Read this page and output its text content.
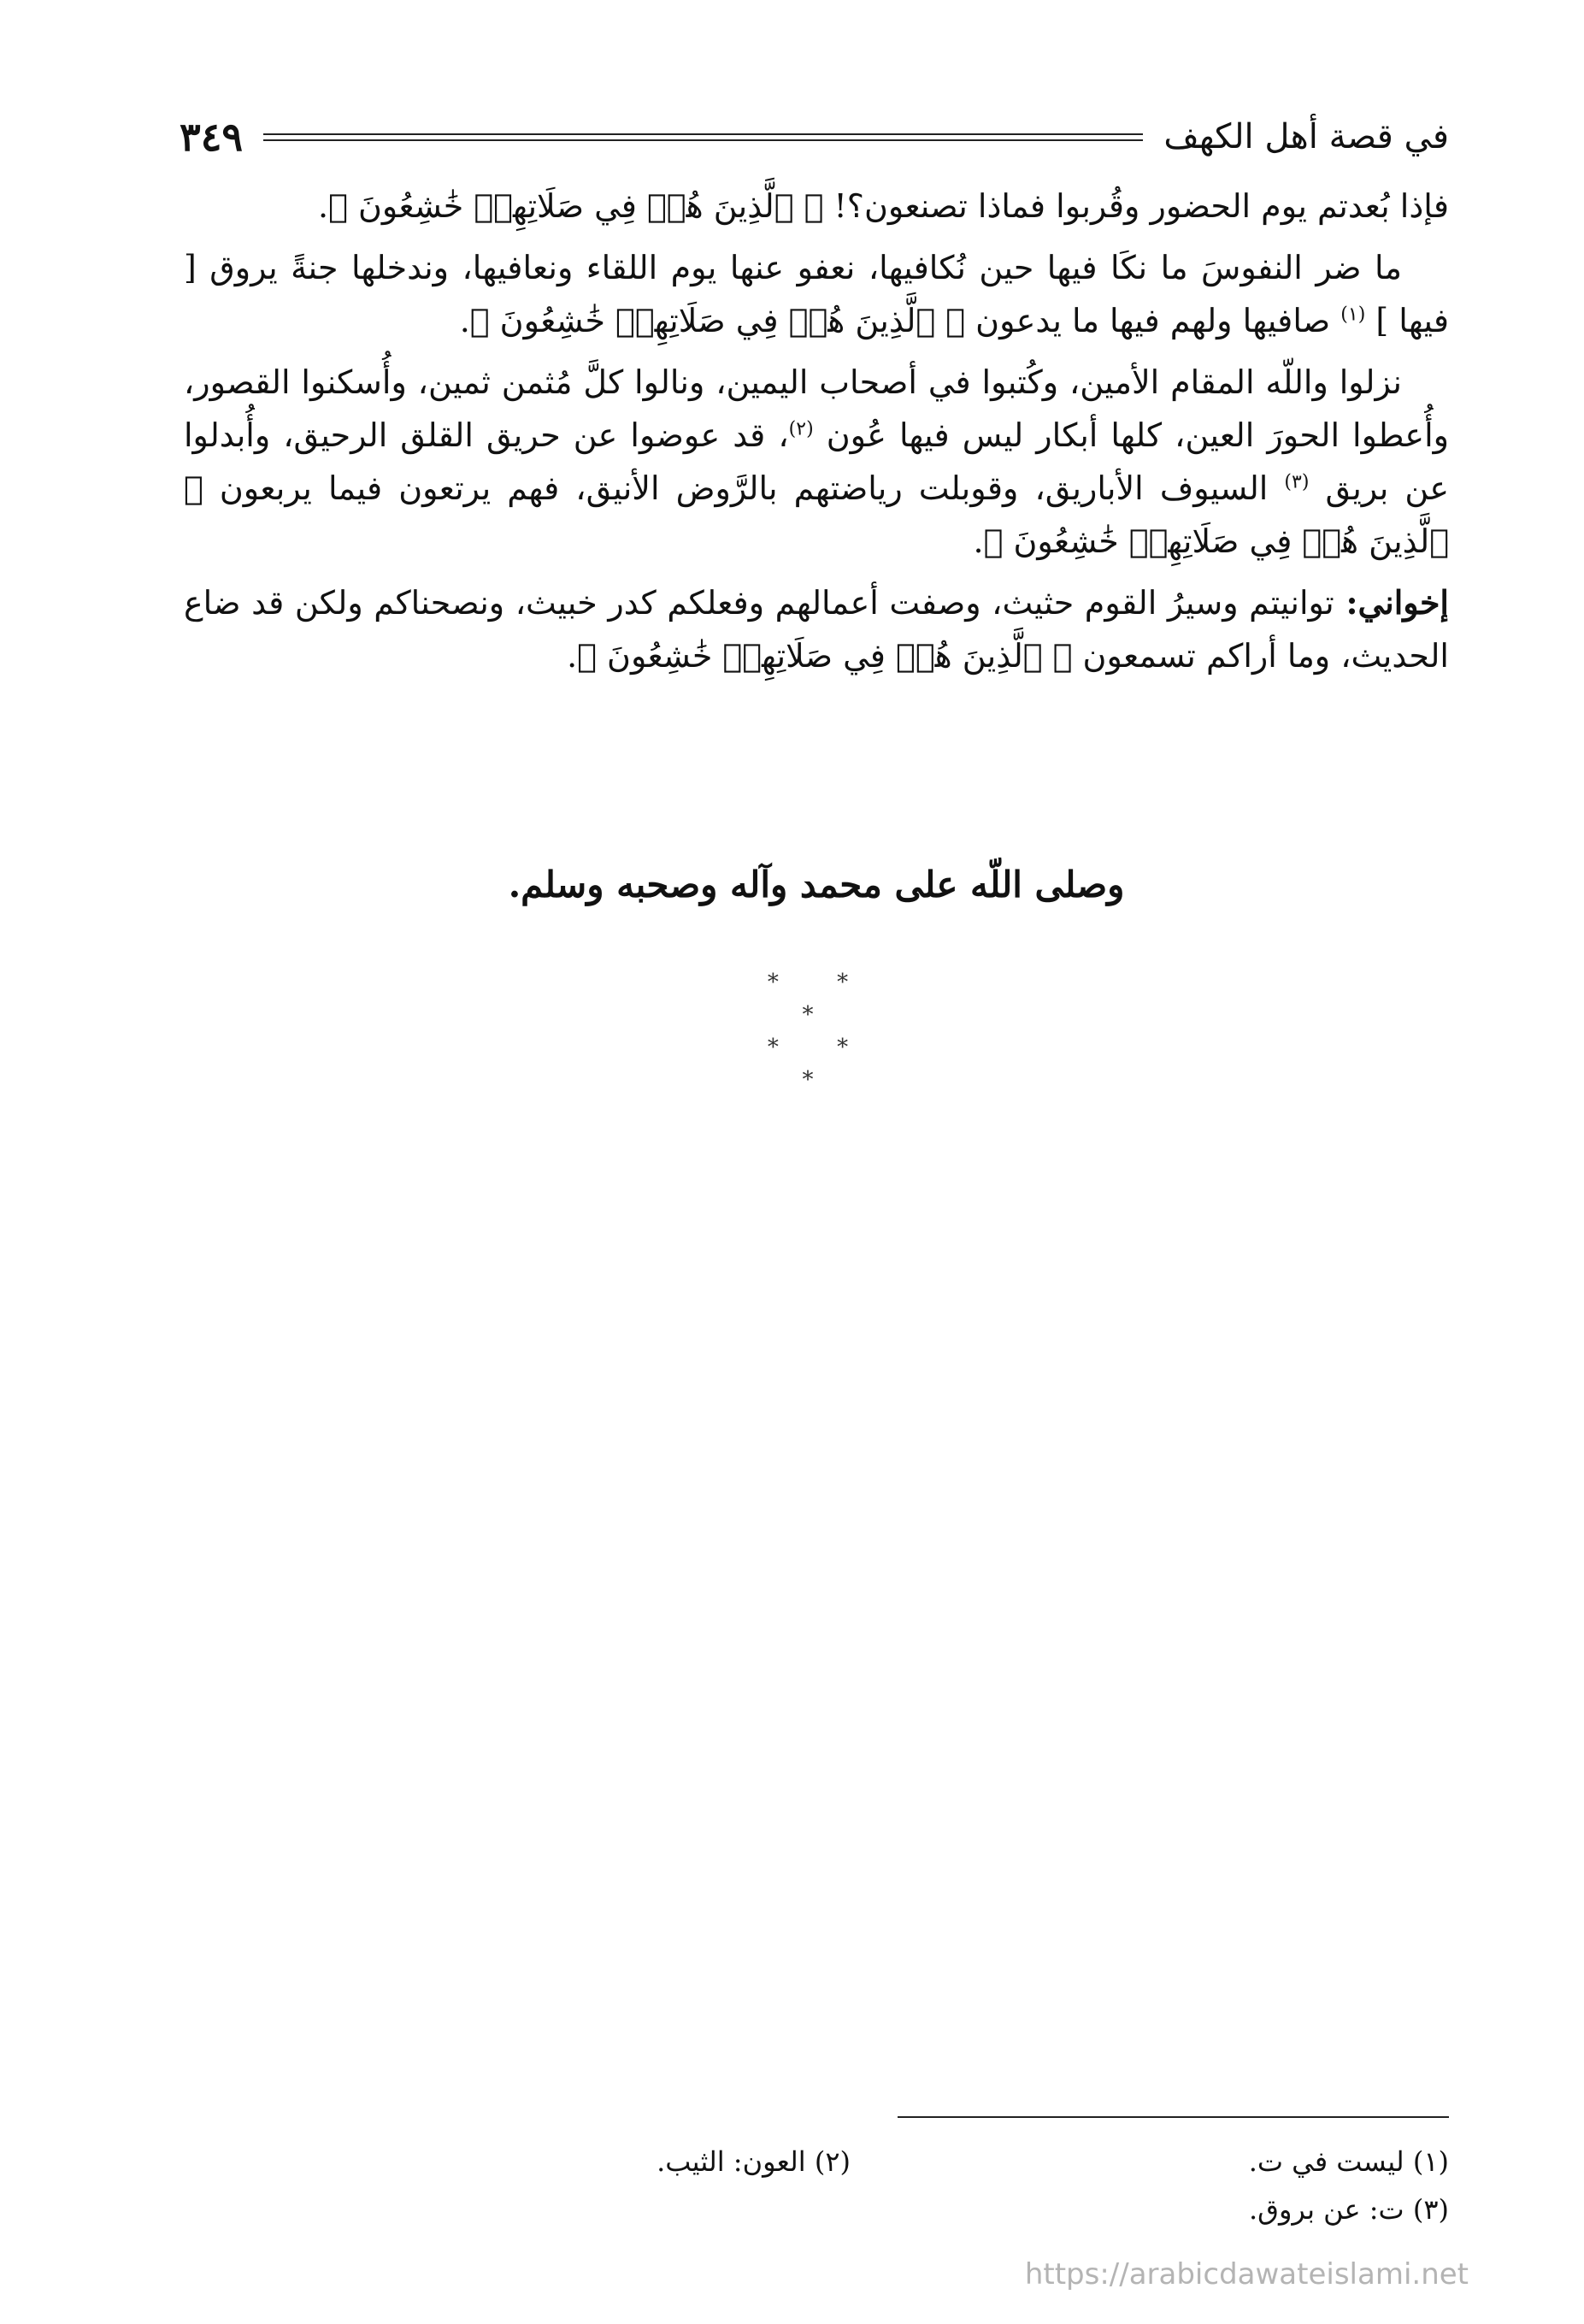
في قصة أهل الكهف
٣٤٩

فإذا بُعدتم يوم الحضور وقُربوا فماذا تصنعون؟! ﴿ ٱلَّذِينَ هُمۡ فِي صَلَاتِهِمۡ خَٰشِعُونَ ﴾.

ما ضر النفوسَ ما نكَا فيها حين نُكافيها، نعفو عنها يوم اللقاء ونعافيها، وندخلها جنةً يروق [ فيها ] $^{(١)}$ صافيها ولهم فيها ما يدعون ﴿ ٱلَّذِينَ هُمۡ فِي صَلَاتِهِمۡ خَٰشِعُونَ ﴾.

نزلوا واللّه المقام الأمين، وكُتبوا في أصحاب اليمين، ونالوا كلَّ مُثمن ثمين، وأُسكنوا القصور، وأُعطوا الحورَ العين، كلها أبكار ليس فيها عُون $^{(٢)}$، قد عوضوا عن حريق القلق الرحيق، وأُبدلوا عن بريق $^{(٣)}$ السيوف الأباريق، وقوبلت رياضتهم بالرَّوض الأنيق، فهم يرتعون فيما يربعون ﴿ ٱلَّذِينَ هُمۡ فِي صَلَاتِهِمۡ خَٰشِعُونَ ﴾.

إخواني: توانيتم وسيرُ القوم حثيث، وصفت أعمالهم وفعلكم كدر خبيث، ونصحناكم ولكن قد ضاع الحديث، وما أراكم تسمعون ﴿ ٱلَّذِينَ هُمۡ فِي صَلَاتِهِمۡ خَٰشِعُونَ ﴾.

وصلى اللّه على محمد وآله وصحبه وسلم.
* * *
* *
*
(١) ليست في ت.
(٢) العون: الثيب.
(٣) ت: عن بروق.
https://arabicdawateislami.net
